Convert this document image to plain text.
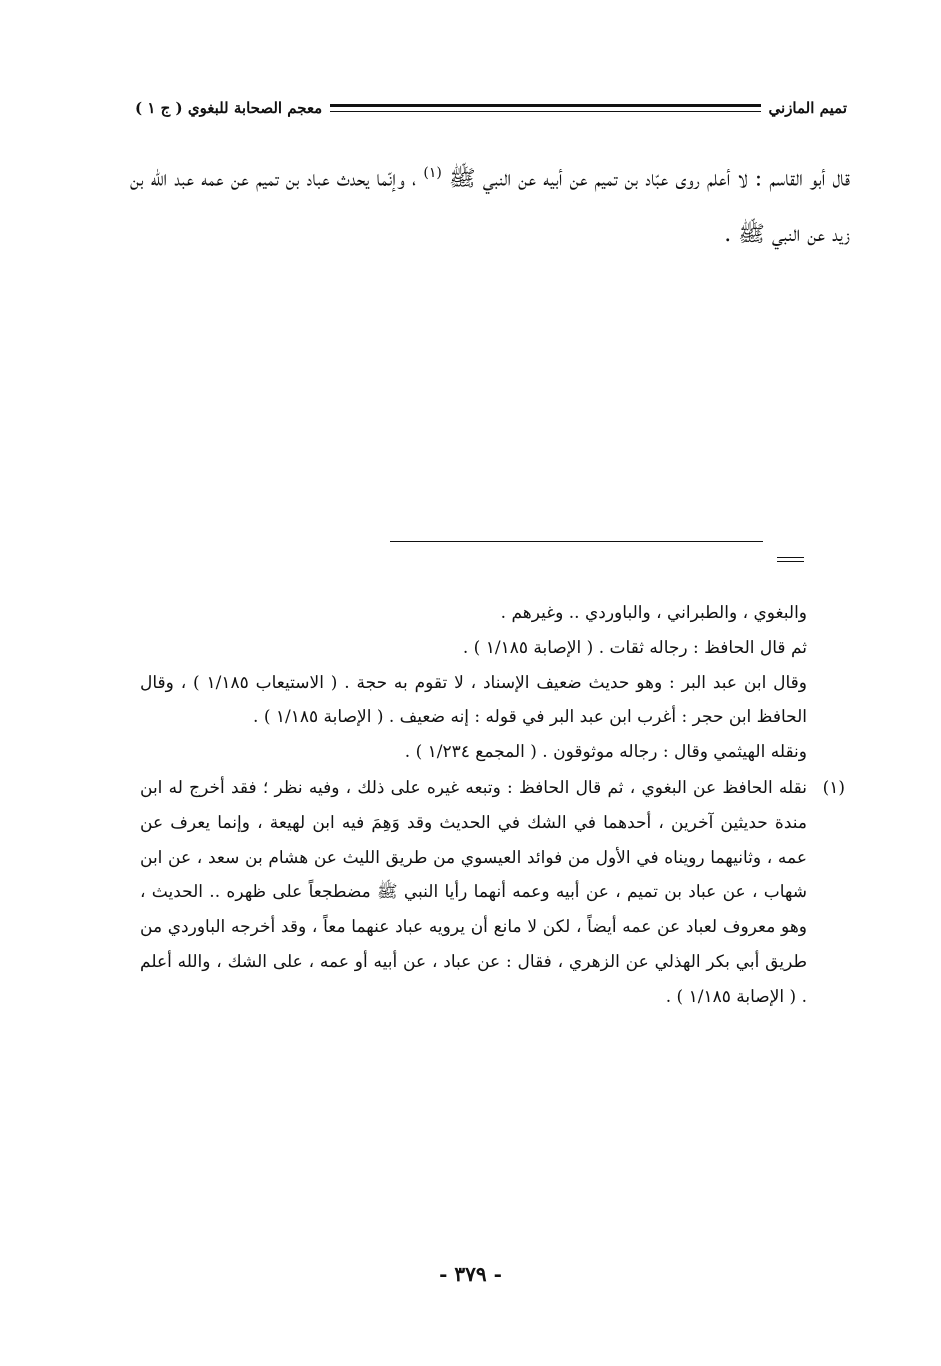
تميم المازني
معجم الصحابة للبغوي ( ج ١ )

قال أبو القاسم : لا أعلم روى عبّاد بن تميم عن أبيه عن النبي ﷺ $^{(١)}$ ، وإنّما يحدث عباد بن تميم عن عمه عبد الله بن زيد عن النبي ﷺ .

والبغوي ، والطبراني ، والباوردي .. وغيرهم .

ثم قال الحافظ : رجاله ثقات . ( الإصابة ١/١٨٥ ) .

وقال ابن عبد البر : وهو حديث ضعيف الإسناد ، لا تقوم به حجة . ( الاستيعاب ١/١٨٥ ) ، وقال الحافظ ابن حجر : أغرب ابن عبد البر في قوله : إنه ضعيف . ( الإصابة ١/١٨٥ ) .

ونقله الهيثمي وقال : رجاله موثوقون . ( المجمع ١/٢٣٤ ) .

(١)

نقله الحافظ عن البغوي ، ثم قال الحافظ : وتبعه غيره على ذلك ، وفيه نظر ؛ فقد أخرج له ابن مندة حديثين آخرين ، أحدهما في الشك في الحديث وقد وَهِمَ فيه ابن لهيعة ، وإنما يعرف عن عمه ، وثانيهما رويناه في الأول من فوائد العيسوي من طريق الليث عن هشام بن سعد ، عن ابن شهاب ، عن عباد بن تميم ، عن أبيه وعمه أنهما رأيا النبي ﷺ مضطجعاً على ظهره .. الحديث ، وهو معروف لعباد عن عمه أيضاً ، لكن لا مانع أن يرويه عباد عنهما معاً ، وقد أخرجه الباوردي من طريق أبي بكر الهذلي عن الزهري ، فقال : عن عباد ، عن أبيه أو عمه ، على الشك ، والله أعلم . ( الإصابة ١/١٨٥ ) .

- ٣٧٩ -
